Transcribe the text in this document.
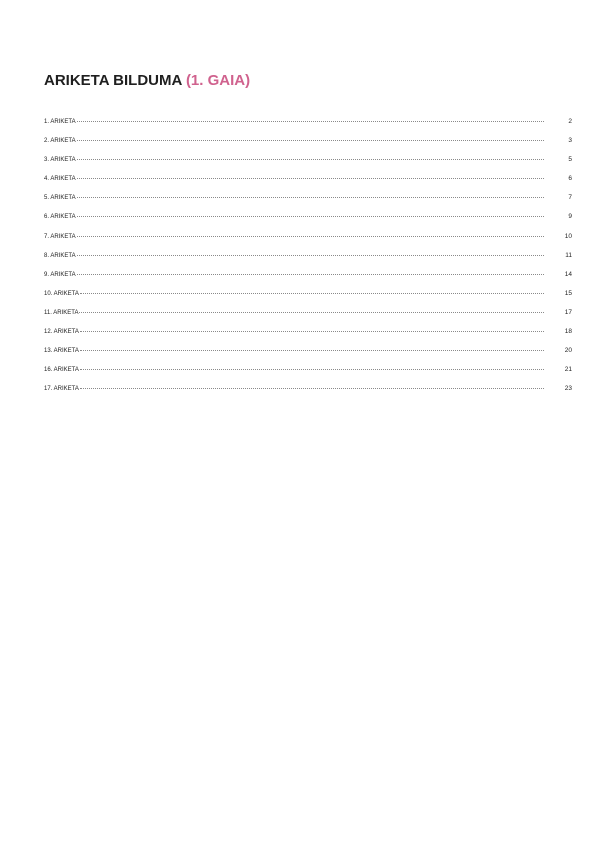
ARIKETA BILDUMA (1. GAIA)
1. ARIKETA	2
2. ARIKETA	3
3. ARIKETA	5
4. ARIKETA	6
5. ARIKETA	7
6. ARIKETA	9
7. ARIKETA	10
8. ARIKETA	11
9. ARIKETA	14
10. ARIKETA	15
11. ARIKETA	17
12. ARIKETA	18
13. ARIKETA	20
16. ARIKETA	21
17. ARIKETA	23
